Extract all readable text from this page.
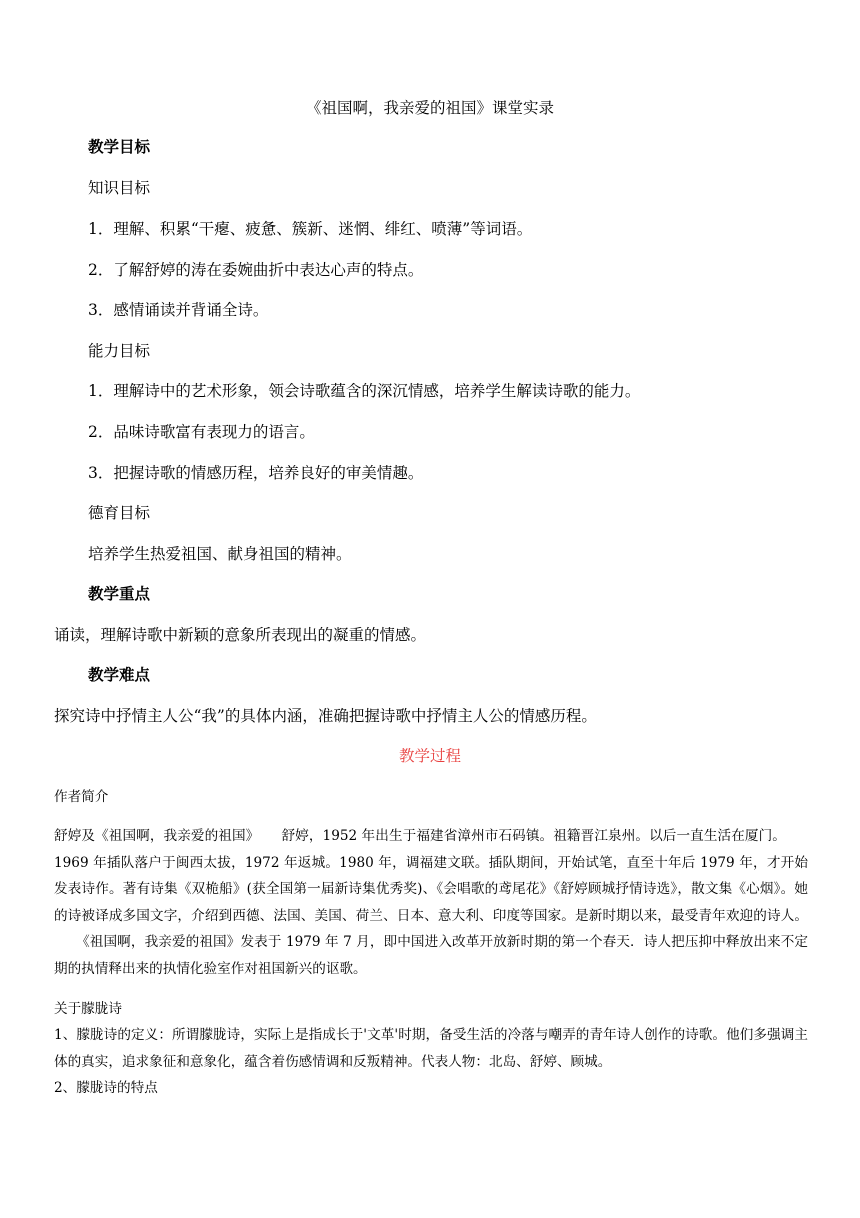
《祖国啊，我亲爱的祖国》课堂实录
教学目标
知识目标
1．理解、积累“干瘪、疲惫、簇新、迷惘、绯红、喷薄”等词语。
2．了解舒婷的涛在委婉曲折中表达心声的特点。
3．感情诵读并背诵全诗。
能力目标
1．理解诗中的艺术形象，领会诗歌蕴含的深沉情感，培养学生解读诗歌的能力。
2．品味诗歌富有表现力的语言。
3．把握诗歌的情感历程，培养良好的审美情趣。
德育目标
培养学生热爱祖国、献身祖国的精神。
教学重点
诵读，理解诗歌中新颖的意象所表现出的凝重的情感。
教学难点
探究诗中抒情主人公“我”的具体内涵，准确把握诗歌中抒情主人公的情感历程。
教学过程
作者简介
舒婷及《祖国啊，我亲爱的祖国》 舒婷，1952 年出生于福建省漳州市石码镇。祖籍晋江泉州。以后一直生活在厦门。1969 年插队落户于闽西太拔，1972 年返城。1980 年，调福建文联。插队期间，开始试笔，直至十年后 1979 年，才开始发表诗作。著有诗集《双桅船》(获全国第一届新诗集优秀奖)、《会唱歌的鸢尾花》《舒婷顾城抒情诗选》，散文集《心烟》。她的诗被译成多国文字，介绍到西德、法国、美国、荷兰、日本、意大利、印度等国家。是新时期以来，最受青年欢迎的诗人。《祖国啊，我亲爱的祖国》发表于 1979 年 7 月，即中国进入改革开放新时期的第一个春天．诗人把压抑中释放出来不定期的执情释出来的执情化验室作对祖国新兴的讴歌。
关于朦胧诗
1、朦胧诗的定义：所谓朦胧诗，实际上是指成长于'文革'时期，备受生活的冷落与嘲弄的青年诗人创作的诗歌。他们多强调主体的真实，追求象征和意象化，蕴含着伤感情调和反叛精神。代表人物：北岛、舒婷、顾城。
2、朦胧诗的特点
